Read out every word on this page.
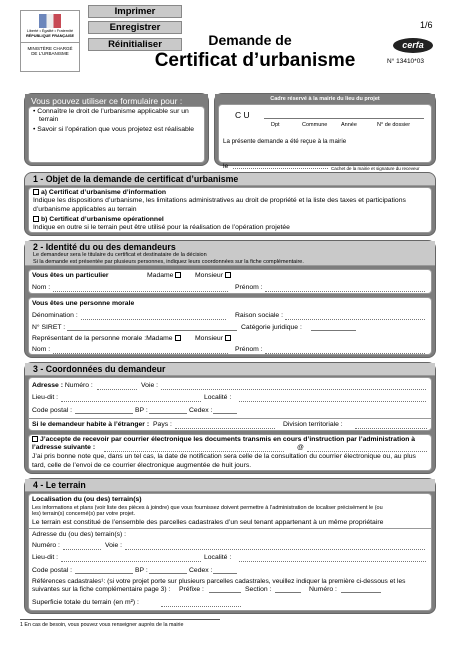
Imprimer
Enregistrer
Réinitialiser
Liberté • Égalité • Fraternité
RÉPUBLIQUE FRANÇAISE
MINISTÈRE CHARGÉ
DE L'URBANISME
Demande de
Certificat d’urbanisme
1/6
cerfa
N° 13410*03
Vous pouvez utiliser ce formulaire pour :
• Connaître le droit de l’urbanisme applicable sur un terrain
• Savoir si l’opération que vous projetez est réalisable
Cadre réservé à la mairie du lieu du projet
C U
Dpt	Commune Année	N° de dossier
La présente demande a été reçue à la mairie
le	Cachet de la mairie et signature du receveur
1 - Objet de la demande de certificat d’urbanisme
a) Certificat d’urbanisme d’information
Indique les dispositions d’urbanisme, les limitations administratives au droit de propriété et la liste des taxes et participations
d’urbanisme applicables au terrain
b) Certificat d’urbanisme opérationnel
Indique en outre si le terrain peut être utilisé pour la réalisation de l’opération projetée
2 - Identité du ou des demandeurs
Le demandeur sera le titulaire du certificat et destinataire de la décision
Si la demande est présentée par plusieurs personnes, indiquez leurs coordonnées sur la fiche complémentaire.
Vous êtes un particulier	Madame	Monsieur
Nom :	Prénom :
Vous êtes une personne morale
Dénomination :	Raison sociale :
N° SIRET :	Catégorie juridique :
Représentant de la personne morale :Madame	Monsieur
Nom :	Prénom :
3 - Coordonnées du demandeur
Adresse : Numéro :	Voie :
Lieu-dit :	Localité :
Code postal :	BP :	Cedex :
Si le demandeur habite à l’étranger : Pays :	Division territoriale :
J’accepte de recevoir par courrier électronique les documents transmis en cours d’instruction par l’administration à
l’adresse suivante :	@
J’ai pris bonne note que, dans un tel cas, la date de notification sera celle de la consultation du courrier électronique ou, au plus
tard, celle de l’envoi de ce courrier électronique augmentée de huit jours.
4 - Le terrain
Localisation du (ou des) terrain(s)
Les informations et plans (voir liste des pièces à joindre) que vous fournissez doivent permettre à l’administration de localiser précisément le (ou
les) terrain(s) concerné(s) par votre projet.
Le terrain est constitué de l’ensemble des parcelles cadastrales d’un seul tenant appartenant à un même propriétaire
Adresse du (ou des) terrain(s) :
Numéro :	Voie :
Lieu-dit :	Localité :
Code postal :	BP :	Cedex :
Références cadastrales¹: (si votre projet porte sur plusieurs parcelles cadastrales, veuillez indiquer la première ci-dessous et les
suivantes sur la fiche complémentaire page 3) : Préfixe :	Section :	Numéro :
Superficie totale du terrain (en m²) :
1 En cas de besoin, vous pouvez vous renseigner auprès de la mairie
